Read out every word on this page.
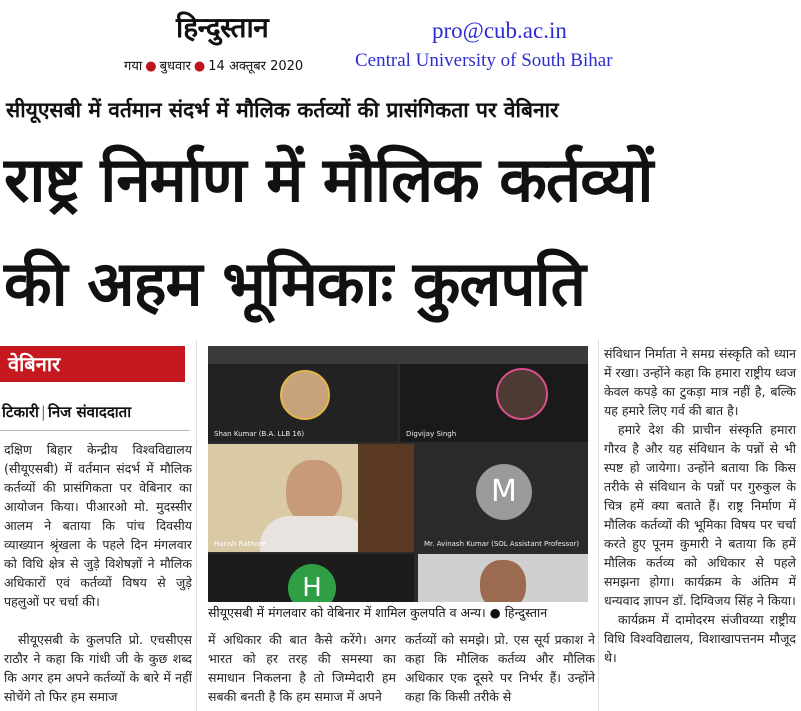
हिन्दुस्तान
गया ● बुधवार ● 14 अक्तूबर 2020
pro@cub.ac.in
Central University of South Bihar
सीयूएसबी में वर्तमान संदर्भ में मौलिक कर्तव्यों की प्रासंगिकता पर वेबिनार
राष्ट्र निर्माण में मौलिक कर्तव्यों
की अहम भूमिकाः कुलपति
वेबिनार
टिकारी | निज संवाददाता

दक्षिण बिहार केन्द्रीय विश्वविद्यालय (सीयूएसबी) में वर्तमान संदर्भ में मौलिक कर्तव्यों की प्रासंगिकता पर वेबिनार का आयोजन किया। पीआरओ मो. मुदस्सीर आलम ने बताया कि पांच दिवसीय व्याख्यान श्रृंखला के पहले दिन मंगलवार को विधि क्षेत्र से जुड़े विशेषज्ञों ने मौलिक अधिकारों एवं कर्तव्यों विषय से जुड़े पहलुओं पर चर्चा की।

सीयूएसबी के कुलपति प्रो. एचसीएस राठौर ने कहा कि गांधी जी के कुछ शब्द कि अगर हम अपने कर्तव्यों के बारे में नहीं सोचेंगे तो फिर हम समाज

Shan Kumar (B.A. LLB 16)	Digvijay Singh
Harish Rathore
M
Mr. Avinash Kumar (SOL Assistant Professor)
H
सीयूएसबी में मंगलवार को वेबिनार में शामिल कुलपति व अन्य। ● हिन्दुस्तान

में अधिकार की बात कैसे करेंगे। अगर भारत को हर तरह की समस्या का समाधान निकलना है तो जिम्मेदारी हम सबकी बनती है कि हम समाज में अपने

कर्तव्यों को समझे। प्रो. एस सूर्य प्रकाश ने कहा कि मौलिक कर्तव्य और मौलिक अधिकार एक दूसरे पर निर्भर हैं। उन्होंने कहा कि किसी तरीके से

संविधान निर्माता ने समग्र संस्कृति को ध्यान में रखा। उन्होंने कहा कि हमारा राष्ट्रीय ध्वज केवल कपड़े का टुकड़ा मात्र नहीं है, बल्कि यह हमारे लिए गर्व की बात है।

हमारे देश की प्राचीन संस्कृति हमारा गौरव है और यह संविधान के पन्नों से भी स्पष्ट हो जायेगा। उन्होंने बताया कि किस तरीके से संविधान के पन्नों पर गुरुकुल के चित्र हमें क्या बताते हैं। राष्ट्र निर्माण में मौलिक कर्तव्यों की भूमिका विषय पर चर्चा करते हुए पूनम कुमारी ने बताया कि हमें मौलिक कर्तव्य को अधिकार से पहले समझना होगा। कार्यक्रम के अंतिम में धन्यवाद ज्ञापन डॉ. दिग्विजय सिंह ने किया।

कार्यक्रम में दामोदरम संजीवय्या राष्ट्रीय विधि विश्वविद्यालय, विशाखापत्तनम मौजूद थे।
